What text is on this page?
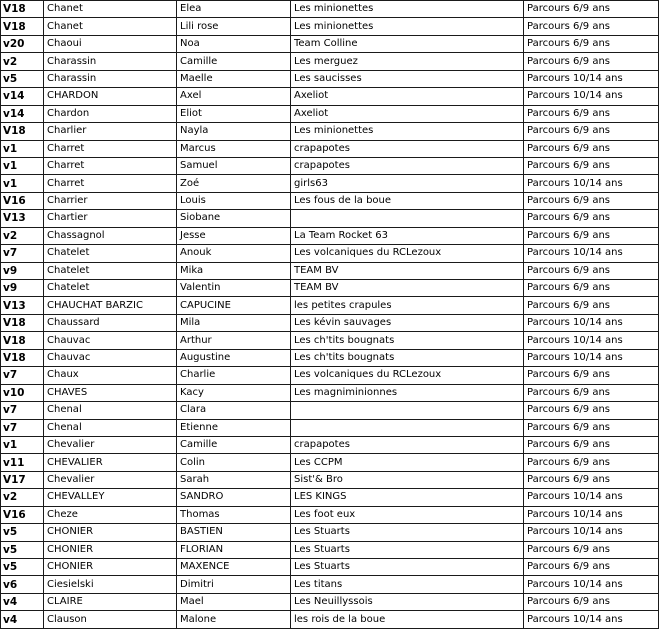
V18	Chanet	Elea	Les minionettes	Parcours 6/9 ans
V18	Chanet	Lili rose	Les minionettes	Parcours 6/9 ans
v20	Chaoui	Noa	Team Colline	Parcours 6/9 ans
v2	Charassin	Camille	Les merguez	Parcours 6/9 ans
v5	Charassin	Maelle	Les saucisses	Parcours 10/14 ans
v14	CHARDON	Axel	Axeliot	Parcours 10/14 ans
v14	Chardon	Eliot	Axeliot	Parcours 6/9 ans
V18	Charlier	Nayla	Les minionettes	Parcours 6/9 ans
v1	Charret	Marcus	crapapotes	Parcours 6/9 ans
v1	Charret	Samuel	crapapotes	Parcours 6/9 ans
v1	Charret	Zoé	girls63	Parcours 10/14 ans
V16	Charrier	Louis	Les fous de la boue	Parcours 6/9 ans
V13	Chartier	Siobane		Parcours 6/9 ans
v2	Chassagnol	Jesse	La Team Rocket 63	Parcours 6/9 ans
v7	Chatelet	Anouk	Les volcaniques du RCLezoux	Parcours 10/14 ans
v9	Chatelet	Mika	TEAM BV	Parcours 6/9 ans
v9	Chatelet	Valentin	TEAM BV	Parcours 6/9 ans
V13	CHAUCHAT BARZIC	CAPUCINE	les petites crapules	Parcours 6/9 ans
V18	Chaussard	Mila	Les kévin sauvages	Parcours 10/14 ans
V18	Chauvac	Arthur	Les ch'tits bougnats	Parcours 10/14 ans
V18	Chauvac	Augustine	Les ch'tits bougnats	Parcours 10/14 ans
v7	Chaux	Charlie	Les volcaniques du RCLezoux	Parcours 6/9 ans
v10	CHAVES	Kacy	Les magniminionnes	Parcours 6/9 ans
v7	Chenal	Clara		Parcours 6/9 ans
v7	Chenal	Etienne		Parcours 6/9 ans
v1	Chevalier	Camille	crapapotes	Parcours 6/9 ans
v11	CHEVALIER	Colin	Les CCPM	Parcours 6/9 ans
V17	Chevalier	Sarah	Sist'& Bro	Parcours 6/9 ans
v2	CHEVALLEY	SANDRO	LES KINGS	Parcours 10/14 ans
V16	Cheze	Thomas	Les foot eux	Parcours 10/14 ans
v5	CHONIER	BASTIEN	Les Stuarts	Parcours 10/14 ans
v5	CHONIER	FLORIAN	Les Stuarts	Parcours 6/9 ans
v5	CHONIER	MAXENCE	Les Stuarts	Parcours 6/9 ans
v6	Ciesielski	Dimitri	Les titans	Parcours 10/14 ans
v4	CLAIRE	Mael	Les Neuillyssois	Parcours 6/9 ans
v4	Clauson	Malone	les rois de la boue	Parcours 10/14 ans
